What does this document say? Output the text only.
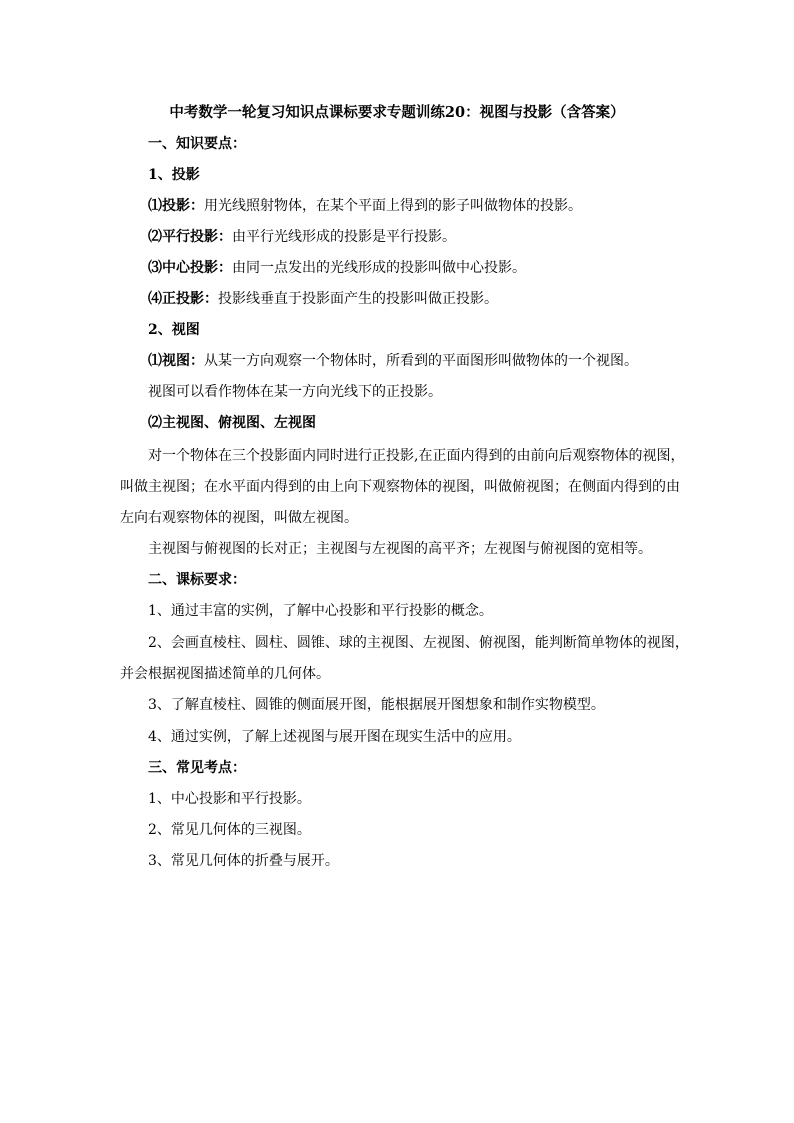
中考数学一轮复习知识点课标要求专题训练20：视图与投影（含答案）

一、知识要点：

1、投影

⑴投影：用光线照射物体，在某个平面上得到的影子叫做物体的投影。

⑵平行投影：由平行光线形成的投影是平行投影。

⑶中心投影：由同一点发出的光线形成的投影叫做中心投影。

⑷正投影：投影线垂直于投影面产生的投影叫做正投影。

2、视图

⑴视图：从某一方向观察一个物体时，所看到的平面图形叫做物体的一个视图。

视图可以看作物体在某一方向光线下的正投影。

⑵主视图、俯视图、左视图

对一个物体在三个投影面内同时进行正投影,在正面内得到的由前向后观察物体的视图，

叫做主视图；在水平面内得到的由上向下观察物体的视图，叫做俯视图；在侧面内得到的由

左向右观察物体的视图，叫做左视图。

主视图与俯视图的长对正；主视图与左视图的高平齐；左视图与俯视图的宽相等。

二、课标要求：

1、通过丰富的实例，了解中心投影和平行投影的概念。

2、会画直棱柱、圆柱、圆锥、球的主视图、左视图、俯视图，能判断简单物体的视图，

并会根据视图描述简单的几何体。

3、了解直棱柱、圆锥的侧面展开图，能根据展开图想象和制作实物模型。

4、通过实例，了解上述视图与展开图在现实生活中的应用。

三、常见考点：

1、中心投影和平行投影。

2、常见几何体的三视图。

3、常见几何体的折叠与展开。
